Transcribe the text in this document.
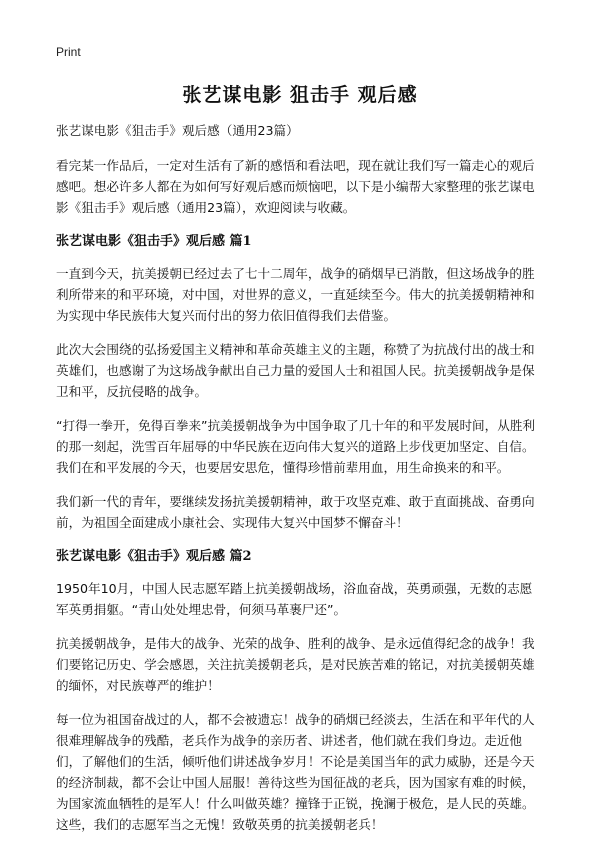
Print
张艺谋电影 狙击手 观后感

张艺谋电影《狙击手》观后感（通用23篇）

看完某一作品后，一定对生活有了新的感悟和看法吧，现在就让我们写一篇走心的观后感吧。想必许多人都在为如何写好观后感而烦恼吧，以下是小编帮大家整理的张艺谋电影《狙击手》观后感（通用23篇），欢迎阅读与收藏。

张艺谋电影《狙击手》观后感 篇1

一直到今天，抗美援朝已经过去了七十二周年，战争的硝烟早已消散，但这场战争的胜利所带来的和平环境，对中国，对世界的意义，一直延续至今。伟大的抗美援朝精神和为实现中华民族伟大复兴而付出的努力依旧值得我们去借鉴。

此次大会围绕的弘扬爱国主义精神和革命英雄主义的主题，称赞了为抗战付出的战士和英雄们，也感谢了为这场战争献出自己力量的爱国人士和祖国人民。抗美援朝战争是保卫和平，反抗侵略的战争。

“打得一拳开，免得百拳来”抗美援朝战争为中国争取了几十年的和平发展时间，从胜利的那一刻起，洗雪百年屈辱的中华民族在迈向伟大复兴的道路上步伐更加坚定、自信。我们在和平发展的今天，也要居安思危，懂得珍惜前辈用血，用生命换来的和平。

我们新一代的青年，要继续发扬抗美援朝精神，敢于攻坚克难、敢于直面挑战、奋勇向前，为祖国全面建成小康社会、实现伟大复兴中国梦不懈奋斗！

张艺谋电影《狙击手》观后感 篇2

1950年10月，中国人民志愿军踏上抗美援朝战场，浴血奋战，英勇顽强，无数的志愿军英勇捐躯。“青山处处埋忠骨，何须马革裹尸还”。

抗美援朝战争，是伟大的战争、光荣的战争、胜利的战争、是永远值得纪念的战争！我们要铭记历史、学会感恩，关注抗美援朝老兵，是对民族苦难的铭记，对抗美援朝英雄的缅怀，对民族尊严的维护！

每一位为祖国奋战过的人，都不会被遗忘！战争的硝烟已经淡去，生活在和平年代的人很难理解战争的残酷，老兵作为战争的亲历者、讲述者，他们就在我们身边。走近他们，了解他们的生活，倾听他们讲述战争岁月！不论是美国当年的武力威胁，还是今天的经济制裁，都不会让中国人屈服！善待这些为国征战的老兵，因为国家有难的时候，为国家流血牺牲的是军人！什么叫做英雄？撞锋于正锐，挽澜于极危，是人民的英雄。这些，我们的志愿军当之无愧！致敬英勇的抗美援朝老兵！
